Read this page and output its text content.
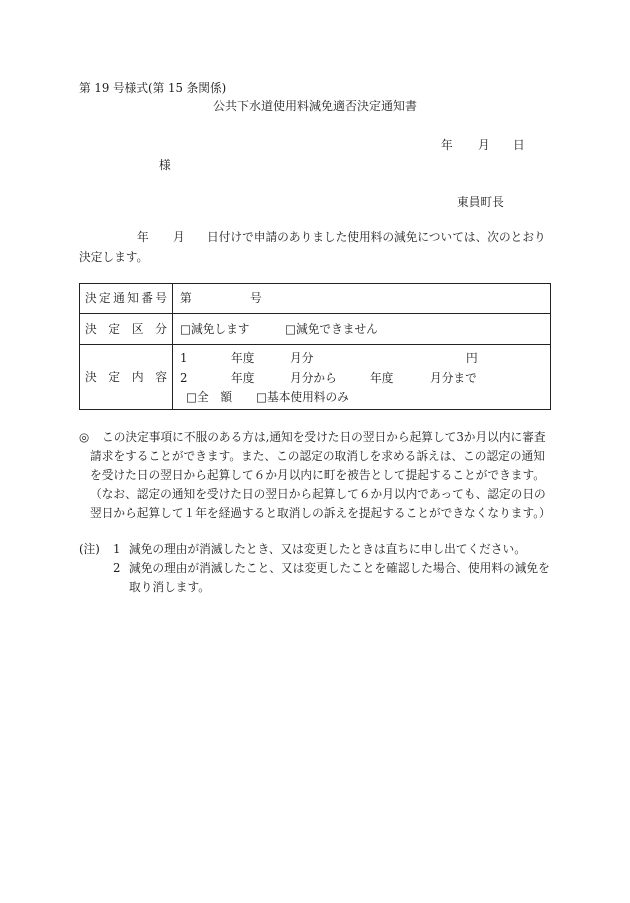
第 19 号様式(第 15 条関係)
公共下水道使用料減免適否決定通知書
年 月 日
様
東員町長
年 月 日付けで申請のありました使用料の減免については、次のとおり
決定します。
決定通知番号 第	号
決　定　区　分 □減免します	□減免できません
決　定　内　容
1	年度	月分	円
2	年度	月分から	年度	月分まで
□全　額 □基本使用料のみ
◎ この決定事項に不服のある方は,通知を受けた日の翌日から起算して3か月以内に審査
請求をすることができます。また、この認定の取消しを求める訴えは、この認定の通知
を受けた日の翌日から起算して６か月以内に町を被告として提起することができます。
（なお、認定の通知を受けた日の翌日から起算して６か月以内であっても、認定の日の
翌日から起算して１年を経過すると取消しの訴えを提起することができなくなります。）
(注) 1 減免の理由が消滅したとき、又は変更したときは直ちに申し出てください。
2 減免の理由が消滅したこと、又は変更したことを確認した場合、使用料の減免を
取り消します。
